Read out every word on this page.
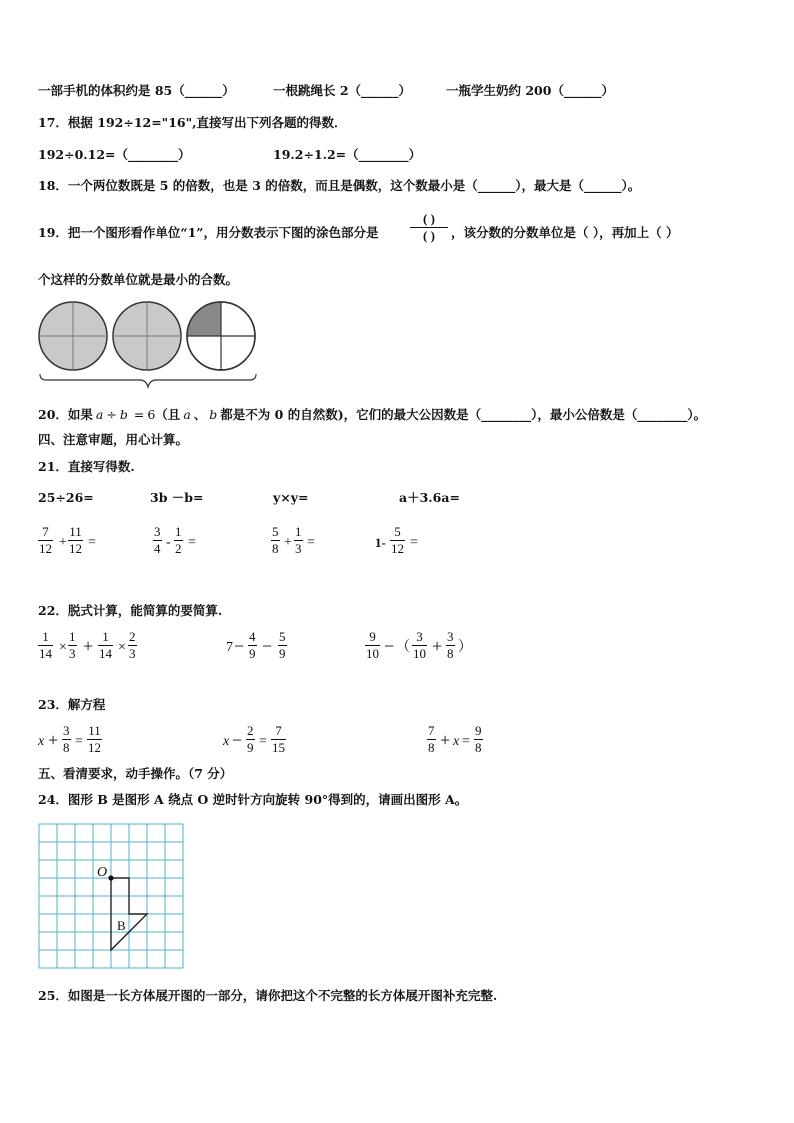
一部手机的体积约是 85（______）	一根跳绳长 2（______）	一瓶学生奶约 200（______）
17．根据 192÷12="16",直接写出下列各题的得数．
192÷0.12=（________）	19.2÷1.2=（________）
18．一个两位数既是 5 的倍数，也是 3 的倍数，而且是偶数，这个数最小是（______），最大是（______）。
19．把一个图形看作单位“1”，用分数表示下图的涂色部分是
( )
( ) ，该分数的分数单位是（ ），再加上（ ）
个这样的分数单位就是最小的合数。
20．如果 a ÷ b = 6（且 a 、 b 都是不为 0 的自然数)，它们的最大公因数是（________），最小公倍数是（________）。
四、注意审题，用心计算。
21．直接写得数.
25÷26=	3b －b=	y×y=	a＋3.6a=
7
12 +
11
12 =
3
4 -
1
2 =
5
8 +
1
3 =	1-
5
12 =
22．脱式计算，能简算的要简算.
1
14 ×
1
3 + 1
14 ×
2
3	7 − 4
9 − 5
9
9
10 − （
3
10 + 3
8 ）
23．解方程
x + 3
8 =
11
12	x − 2
9 =
7
15
7
8 + x =
9
8
五、看清要求，动手操作。（7 分）
24．图形 B 是图形 A 绕点 O 逆时针方向旋转 90°得到的，请画出图形 A。
O
B
25．如图是一长方体展开图的一部分，请你把这个不完整的长方体展开图补充完整.
